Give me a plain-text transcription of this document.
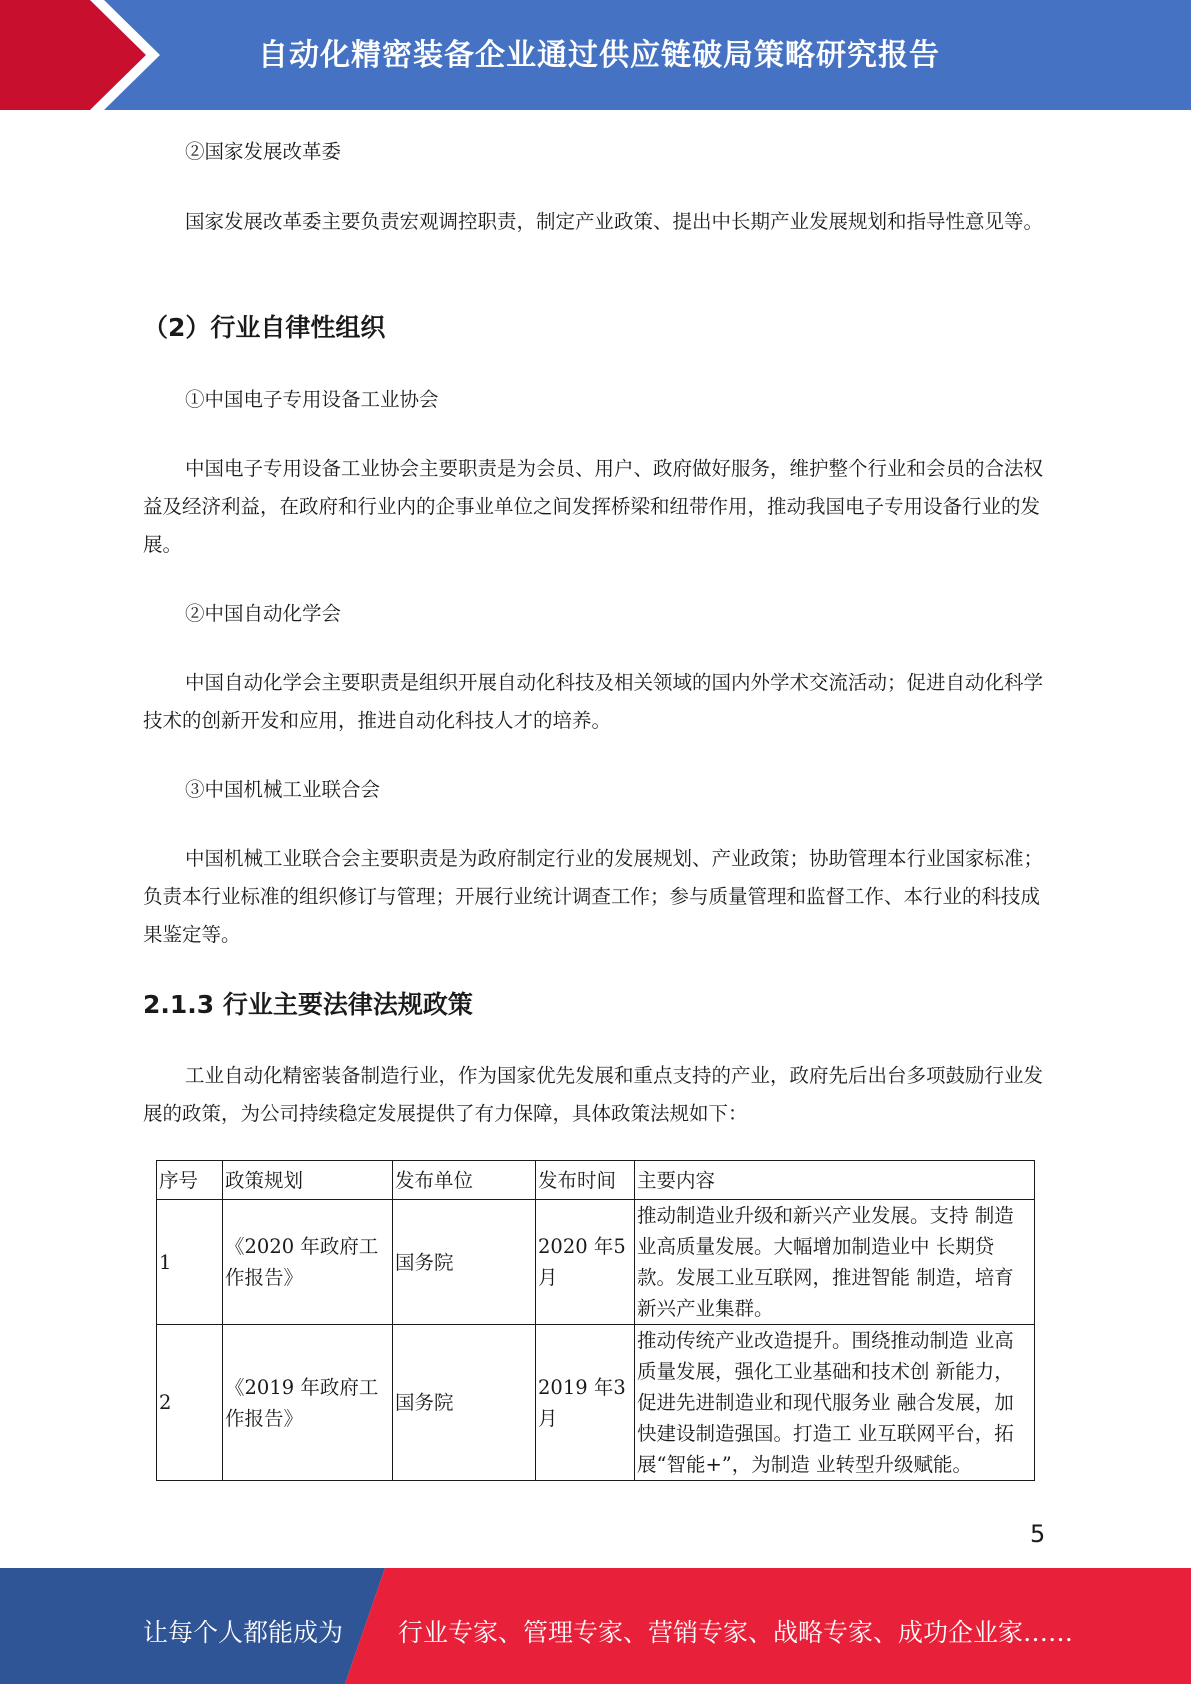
自动化精密装备企业通过供应链破局策略研究报告

②国家发展改革委

国家发展改革委主要负责宏观调控职责，制定产业政策、提出中长期产业发展规划和指导性意见等。

（2）行业自律性组织

①中国电子专用设备工业协会

中国电子专用设备工业协会主要职责是为会员、用户、政府做好服务，维护整个行业和会员的合法权益及经济利益，在政府和行业内的企事业单位之间发挥桥梁和纽带作用，推动我国电子专用设备行业的发展。

②中国自动化学会

中国自动化学会主要职责是组织开展自动化科技及相关领域的国内外学术交流活动；促进自动化科学技术的创新开发和应用，推进自动化科技人才的培养。

③中国机械工业联合会

中国机械工业联合会主要职责是为政府制定行业的发展规划、产业政策；协助管理本行业国家标准；负责本行业标准的组织修订与管理；开展行业统计调查工作；参与质量管理和监督工作、本行业的科技成果鉴定等。

2.1.3 行业主要法律法规政策

工业自动化精密装备制造行业，作为国家优先发展和重点支持的产业，政府先后出台多项鼓励行业发展的政策，为公司持续稳定发展提供了有力保障，具体政策法规如下：

序号	政策规划	发布单位	发布时间	主要内容
1	《2020 年政府工作报告》	国务院	2020 年5 月	推动制造业升级和新兴产业发展。支持 制造业高质量发展。大幅增加制造业中 长期贷款。发展工业互联网，推进智能 制造，培育新兴产业集群。
2	《2019 年政府工作报告》	国务院	2019 年3 月	推动传统产业改造提升。围绕推动制造 业高质量发展，强化工业基础和技术创 新能力，促进先进制造业和现代服务业 融合发展，加快建设制造强国。打造工 业互联网平台，拓展“智能+”，为制造 业转型升级赋能。
5
让每个人都能成为 行业专家、管理专家、营销专家、战略专家、成功企业家……
